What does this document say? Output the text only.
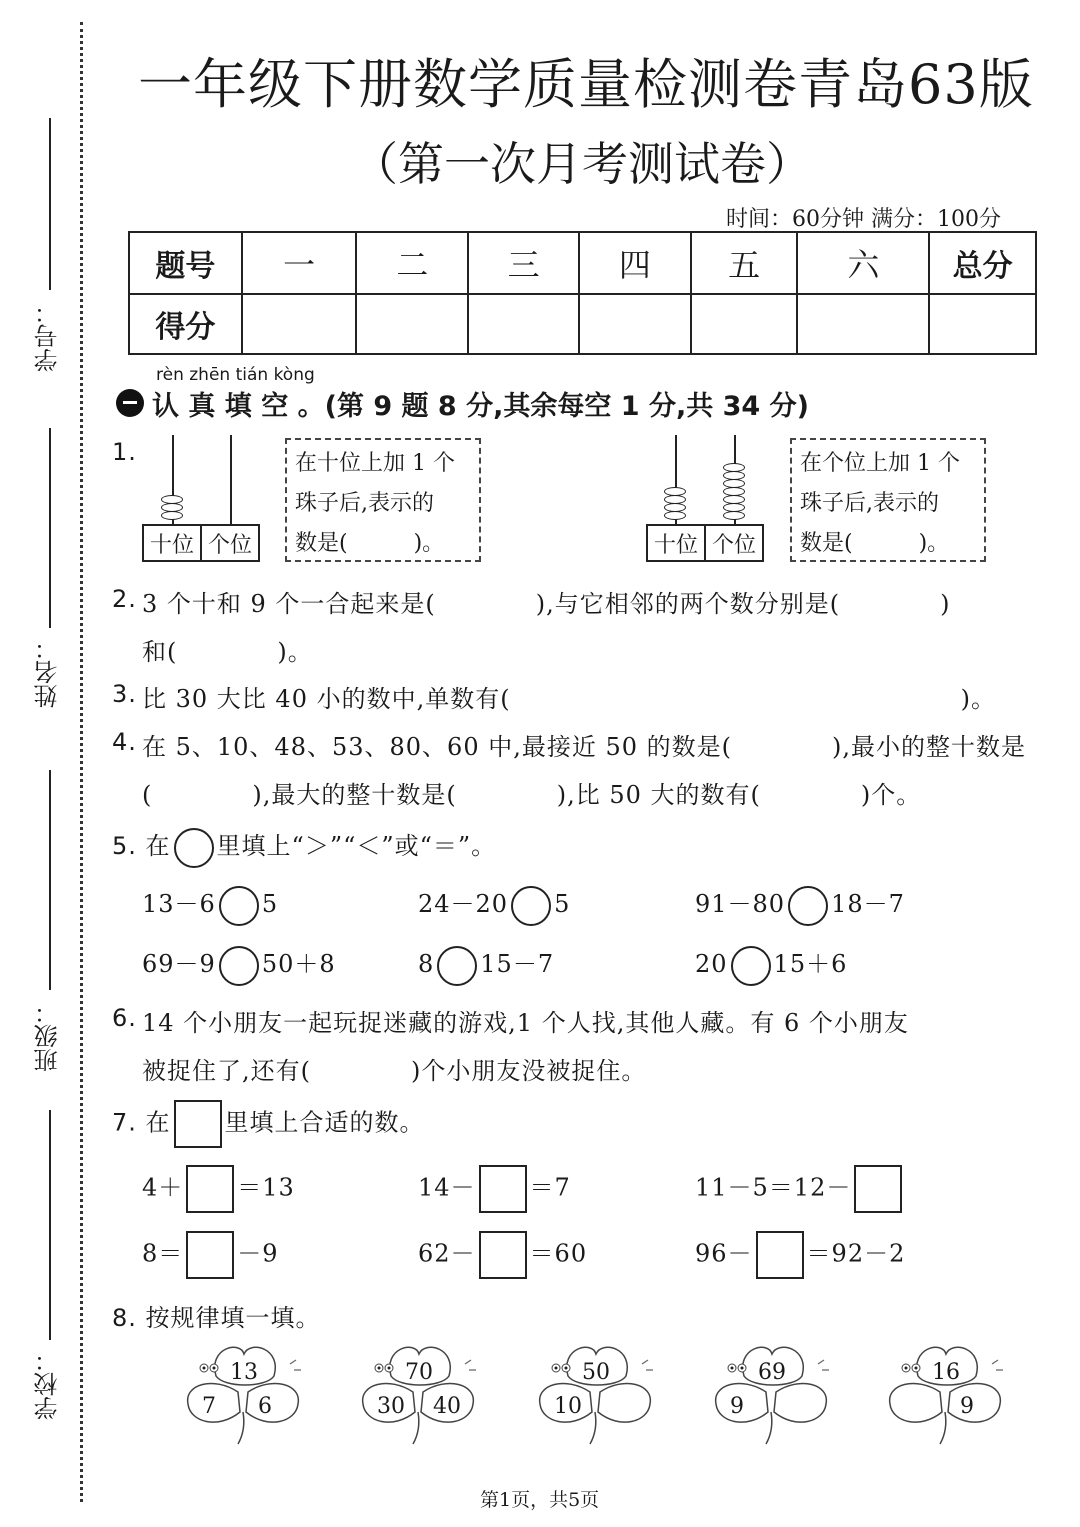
学号：
姓名：
班级：
学校：
一年级下册数学质量检测卷青岛63版
（第一次月考测试卷）
时间：60分钟 满分：100分
题号	一	二	三	四	五	六	总分
得分							
rèn zhēn tián kòng
认 真 填 空 。(第 9 题 8 分,其余每空 1 分,共 34 分)
1.
十位 个位
在十位上加 1 个
珠子后,表示的
数是(　　　)。	十位 个位
在个位上加 1 个
珠子后,表示的
数是(　　　)。
2. 3 个十和 9 个一合起来是(　　　　),与它相邻的两个数分别是(　　　　)
和(　　　　)。
3. 比 30 大比 40 小的数中,单数有(　　　　　　　　　　　　　　　　　　)。
4. 在 5、10、48、53、80、60 中,最接近 50 的数是(　　　　),最小的整十数是
(　　　　),最大的整十数是(　　　　),比 50 大的数有(　　　　)个。
5. 在 里填上“＞”“＜”或“＝”。
13－6 5	24－20 5	91－80 18－7
69－9 50＋8	8 15－7	20 15＋6
6. 14 个小朋友一起玩捉迷藏的游戏,1 个人找,其他人藏。有 6 个小朋友
被捉住了,还有(　　　　)个小朋友没被捉住。
7. 在 里填上合适的数。
4＋ ＝13	14－ ＝7	11－5＝12－
8＝ －9	62－ ＝60	96－ ＝92－2
8. 按规律填一填。
13
7 6
70
30 40
50
10
69
9
16
9
第1页，共5页
